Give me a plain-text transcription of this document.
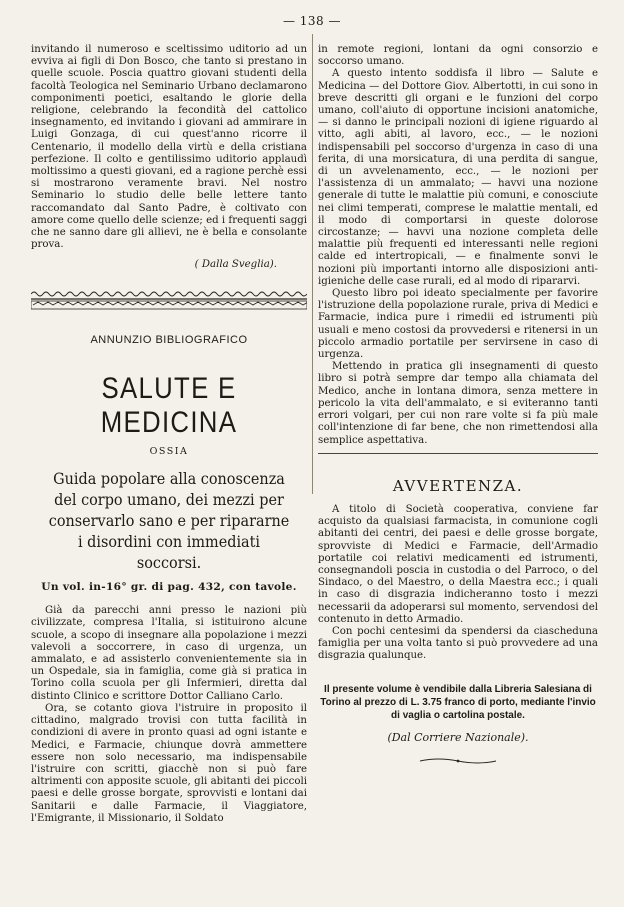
— 138 —

invitando il numeroso e sceltissimo uditorio ad un evviva ai figli di Don Bosco, che tanto si prestano in quelle scuole. Poscia quattro giovani studenti della facoltà Teologica nel Seminario Urbano declamarono componimenti poetici, esaltando le glorie della religione, celebrando la fecondità del cattolico insegnamento, ed invitando i giovani ad ammirare in Luigi Gonzaga, di cui quest'anno ricorre il Centenario, il modello della virtù e della cristiana perfezione. Il colto e gentilissimo uditorio applaudì moltissimo a questi giovani, ed a ragione perchè essi si mostrarono veramente bravi. Nel nostro Seminario lo studio delle belle lettere tanto raccomandato dal Santo Padre, è coltivato con amore come quello delle scienze; ed i frequenti saggi che ne sanno dare gli allievi, ne è bella e consolante prova.

( Dalla Sveglia).
ANNUNZIO BIBLIOGRAFICO
SALUTE E MEDICINA
OSSIA
Guida popolare alla conoscenza del corpo umano, dei mezzi per conservarlo sano e per ripararne i disordini con immediati soccorsi.
Un vol. in-16° gr. di pag. 432, con tavole.

Già da parecchi anni presso le nazioni più civilizzate, compresa l'Italia, si istituirono alcune scuole, a scopo di insegnare alla popolazione i mezzi valevoli a soccorrere, in caso di urgenza, un ammalato, e ad assisterlo convenientemente sia in un Ospedale, sia in famiglia, come già si pratica in Torino colla scuola per gli Infermieri, diretta dal distinto Clinico e scrittore Dottor Calliano Carlo.

Ora, se cotanto giova l'istruire in proposito il cittadino, malgrado trovisi con tutta facilità in condizioni di avere in pronto quasi ad ogni istante e Medici, e Farmacie, chiunque dovrà ammettere essere non solo necessario, ma indispensabile l'istruire con scritti, giacchè non si può fare altrimenti con apposite scuole, gli abitanti dei piccoli paesi e delle grosse borgate, sprovvisti e lontani dai Sanitarii e dalle Farmacie, il Viaggiatore, l'Emigrante, il Missionario, il Soldato

in remote regioni, lontani da ogni consorzio e soccorso umano.

A questo intento soddisfa il libro — Salute e Medicina — del Dottore Giov. Albertotti, in cui sono in breve descritti gli organi e le funzioni del corpo umano, coll'aiuto di opportune incisioni anatomiche, — si danno le principali nozioni di igiene riguardo al vitto, agli abiti, al lavoro, ecc., — le nozioni indispensabili pel soccorso d'urgenza in caso di una ferita, di una morsicatura, di una perdita di sangue, di un avvelenamento, ecc., — le nozioni per l'assistenza di un ammalato; — havvi una nozione generale di tutte le malattie più comuni, e conosciute nei climi temperati, comprese le malattie mentali, ed il modo di comportarsi in queste dolorose circostanze; — havvi una nozione completa delle malattie più frequenti ed interessanti nelle regioni calde ed intertropicali, — e finalmente sonvi le nozioni più importanti intorno alle disposizioni anti-igieniche delle case rurali, ed al modo di ripararvi.

Questo libro poi ideato specialmente per favorire l'istruzione della popolazione rurale, priva di Medici e Farmacie, indica pure i rimedii ed istrumenti più usuali e meno costosi da provvedersi e ritenersi in un piccolo armadio portatile per servirsene in caso di urgenza.

Mettendo in pratica gli insegnamenti di questo libro si potrà sempre dar tempo alla chiamata del Medico, anche in lontana dimora, senza mettere in pericolo la vita dell'ammalato, e si eviteranno tanti errori volgari, per cui non rare volte si fa più male coll'intenzione di far bene, che non rimettendosi alla semplice aspettativa.

AVVERTENZA.

A titolo di Società cooperativa, conviene far acquisto da qualsiasi farmacista, in comunione cogli abitanti dei centri, dei paesi e delle grosse borgate, sprovviste di Medici e Farmacie, dell'Armadio portatile coi relativi medicamenti ed istrumenti, consegnandoli poscia in custodia o del Parroco, o del Sindaco, o del Maestro, o della Maestra ecc.; i quali in caso di disgrazia indicheranno tosto i mezzi necessarii da adoperarsi sul momento, servendosi del contenuto in detto Armadio.

Con pochi centesimi da spendersi da ciascheduna famiglia per una volta tanto si può provvedere ad una disgrazia qualunque.

Il presente volume è vendibile dalla Libreria Salesiana di Torino al prezzo di L. 3.75 franco di porto, mediante l'invio di vaglia o cartolina postale.
(Dal Corriere Nazionale).
